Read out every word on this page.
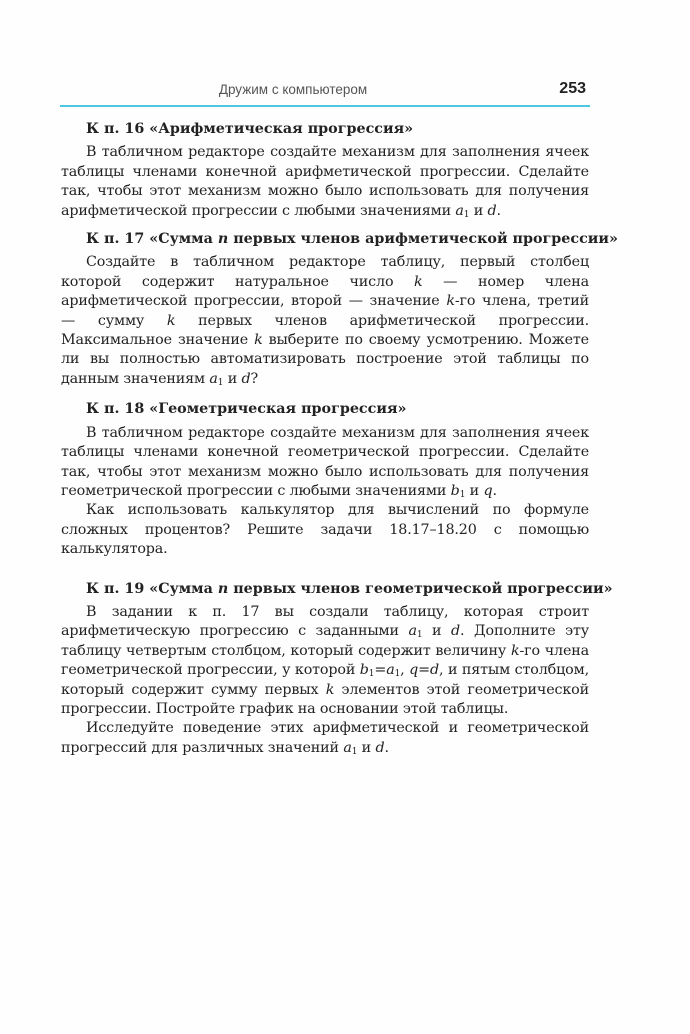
Дружим с компьютером	253

К п. 16 «Арифметическая прогрессия»

В табличном редакторе создайте механизм для заполнения ячеек таблицы членами конечной арифметической прогрессии. Сделайте так, чтобы этот механизм можно было использовать для получения арифметической прогрессии с любыми значениями $a_1$ и d.

К п. 17 «Сумма n первых членов арифметической прогрессии»

Создайте в табличном редакторе таблицу, первый столбец которой содержит натуральное число k — номер члена арифметической прогрессии, второй — значение k-го члена, третий — сумму k первых членов арифметической прогрессии. Максимальное значение k выберите по своему усмотрению. Можете ли вы полностью автоматизировать построение этой таблицы по данным значениям $a_1$ и d?

К п. 18 «Геометрическая прогрессия»

В табличном редакторе создайте механизм для заполнения ячеек таблицы членами конечной геометрической прогрессии. Сделайте так, чтобы этот механизм можно было использовать для получения геометрической прогрессии с любыми значениями $b_1$ и q.

Как использовать калькулятор для вычислений по формуле сложных процентов? Решите задачи 18.17–18.20 с помощью калькулятора.

К п. 19 «Сумма n первых членов геометрической прогрессии»

В задании к п. 17 вы создали таблицу, которая строит арифметическую прогрессию с заданными $a_1$ и d. Дополните эту таблицу четвертым столбцом, который содержит величину k-го члена геометрической прогрессии, у которой $b_1=a_1$, q=d, и пятым столбцом, который содержит сумму первых k элементов этой геометрической прогрессии. Постройте график на основании этой таблицы.

Исследуйте поведение этих арифметической и геометрической прогрессий для различных значений $a_1$ и d.
